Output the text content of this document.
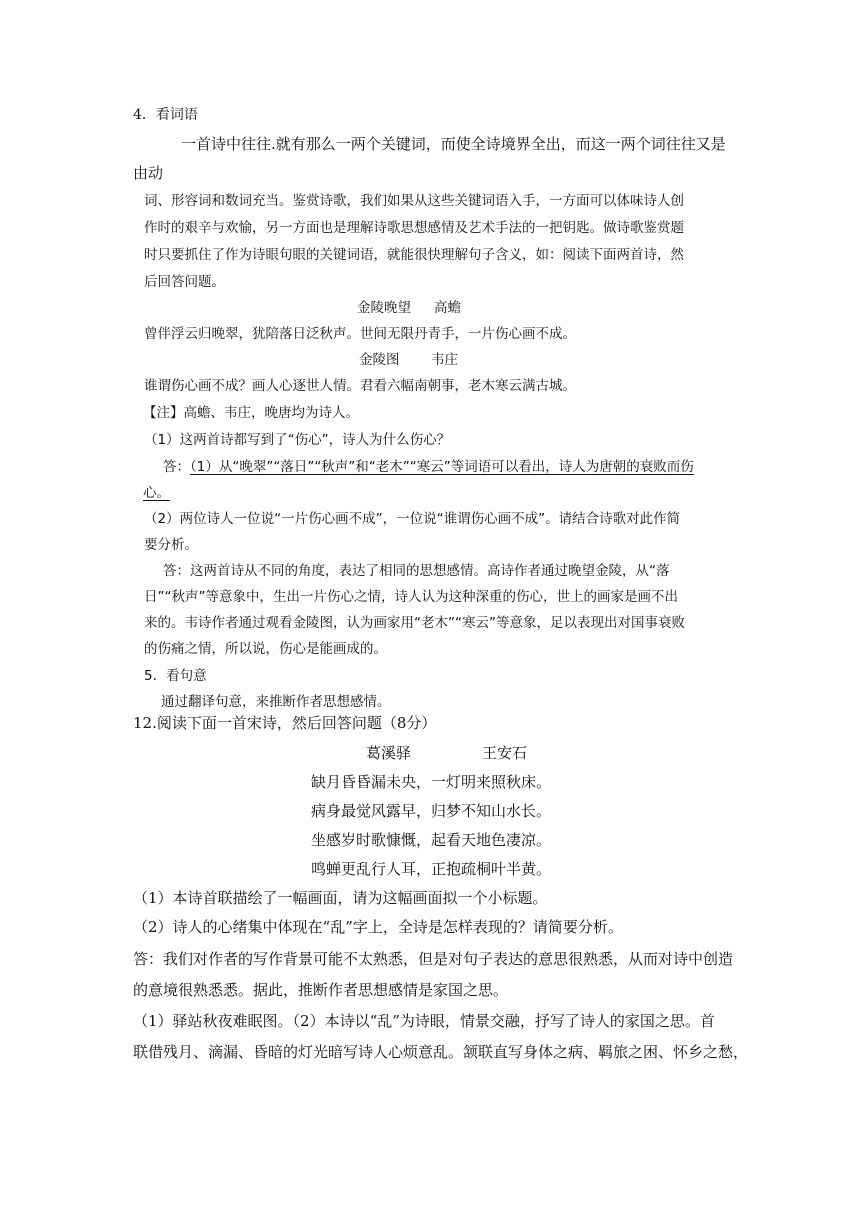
4．看词语
一首诗中往往.就有那么一两个关键词，而使全诗境界全出，而这一两个词往往又是
由动
词、形容词和数词充当。鉴赏诗歌，我们如果从这些关键词语入手，一方面可以体味诗人创
作时的艰辛与欢愉，另一方面也是理解诗歌思想感情及艺术手法的一把钥匙。做诗歌鉴赏题
时只要抓住了作为诗眼句眼的关键词语，就能很快理解句子含义，如：阅读下面两首诗，然
后回答问题。
金陵晚望 高蟾
曾伴浮云归晚翠，犹陪落日泛秋声。世间无限丹青手，一片伤心画不成。
金陵图 韦庄
谁谓伤心画不成？画人心逐世人情。君看六幅南朝事，老木寒云满古城。
【注】高蟾、韦庄，晚唐均为诗人。
（1）这两首诗都写到了“伤心”，诗人为什么伤心？
答：（1）从“晚翠”“落日”“秋声”和“老木”“寒云”等词语可以看出，诗人为唐朝的衰败而伤
心。
（2）两位诗人一位说“一片伤心画不成”，一位说“谁谓伤心画不成”。请结合诗歌对此作简
要分析。
答：这两首诗从不同的角度，表达了相同的思想感情。高诗作者通过晚望金陵，从“落
日”“秋声”等意象中，生出一片伤心之情，诗人认为这种深重的伤心，世上的画家是画不出
来的。韦诗作者通过观看金陵图，认为画家用“老木”“寒云”等意象，足以表现出对国事衰败
的伤痛之情，所以说，伤心是能画成的。
5．看句意
通过翻译句意，来推断作者思想感情。
12.阅读下面一首宋诗，然后回答问题（8分）
葛溪驿	王安石
缺月昏昏漏未央，一灯明来照秋床。
病身最觉风露早，归梦不知山水长。
坐感岁时歌慷慨，起看天地色凄凉。
鸣蝉更乱行人耳，正抱疏桐叶半黄。
（1）本诗首联描绘了一幅画面，请为这幅画面拟一个小标题。
（2）诗人的心绪集中体现在“乱”字上，全诗是怎样表现的？请简要分析。
答：我们对作者的写作背景可能不太熟悉，但是对句子表达的意思很熟悉，从而对诗中创造
的意境很熟悉悉。据此，推断作者思想感情是家国之思。
（1）驿站秋夜难眠图。（2）本诗以“乱”为诗眼，情景交融，抒写了诗人的家国之思。首
联借残月、滴漏、昏暗的灯光暗写诗人心烦意乱。颔联直写身体之病、羁旅之困、怀乡之愁，
